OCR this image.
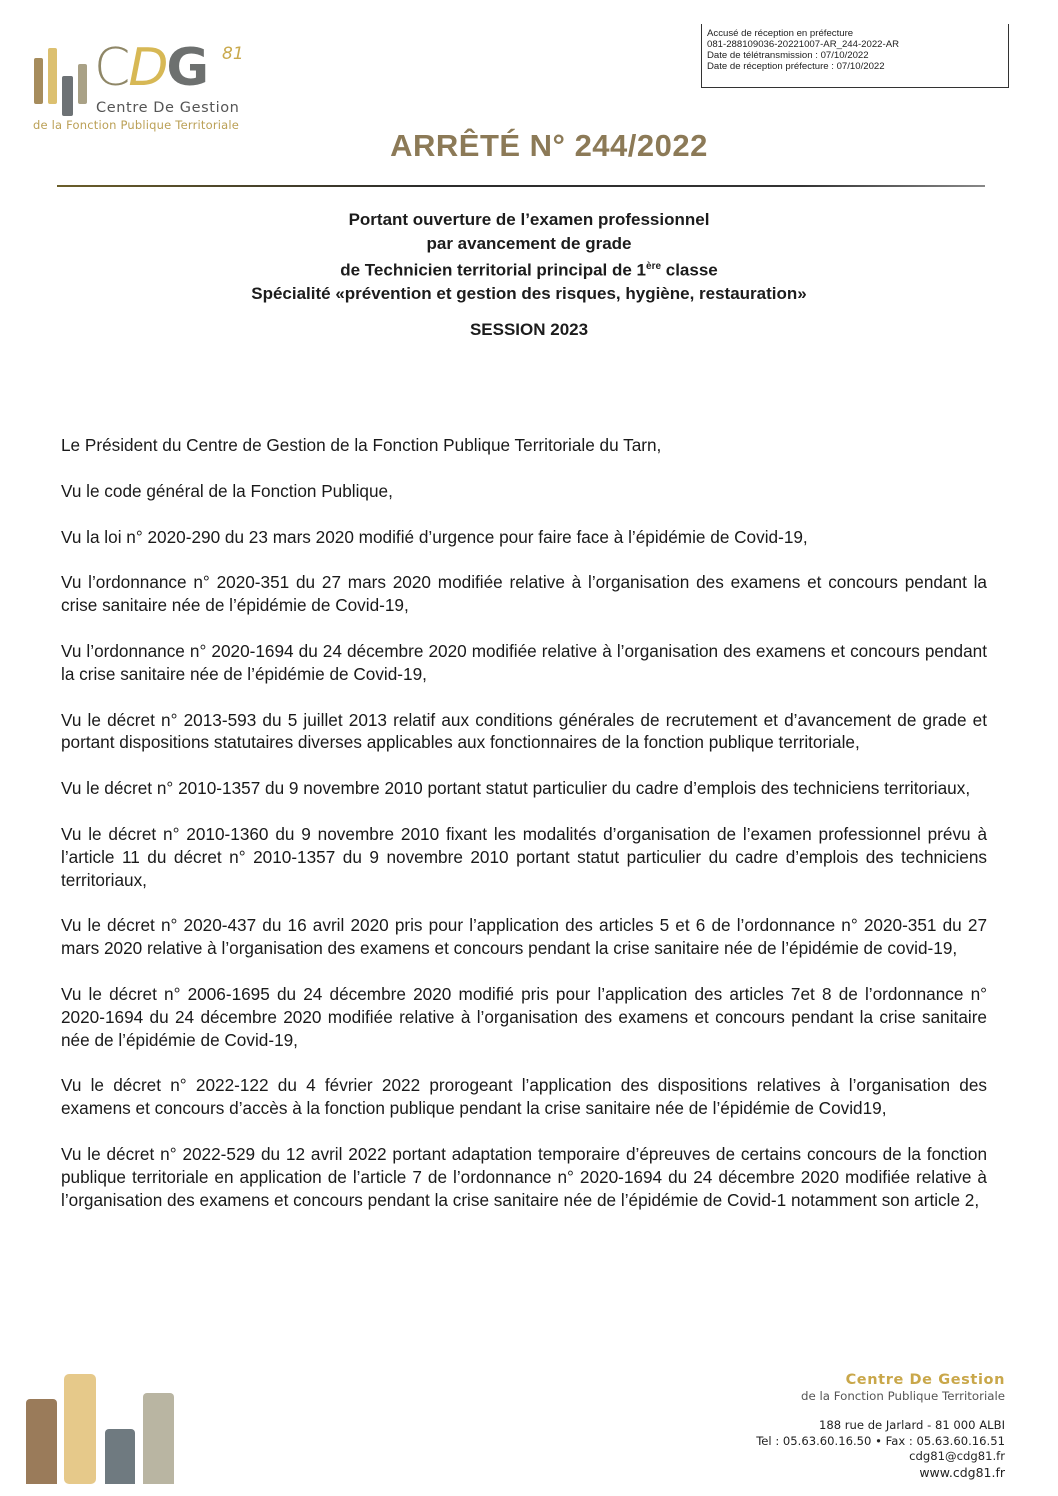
CDG 81
Centre De Gestion
de la Fonction Publique Territoriale
Accusé de réception en préfecture
081-288109036-20221007-AR_244-2022-AR
Date de télétransmission : 07/10/2022
Date de réception préfecture : 07/10/2022
ARRÊTÉ N° 244/2022
Portant ouverture de l’examen professionnel
par avancement de grade
de Technicien territorial principal de 1ère classe
Spécialité «prévention et gestion des risques, hygiène, restauration»
SESSION 2023

Le Président du Centre de Gestion de la Fonction Publique Territoriale du Tarn,

Vu le code général de la Fonction Publique,

Vu la loi n° 2020-290 du 23 mars 2020 modifié d’urgence pour faire face à l’épidémie de Covid-19,

Vu l’ordonnance n° 2020-351 du 27 mars 2020 modifiée relative à l’organisation des examens et concours pendant la crise sanitaire née de l’épidémie de Covid-19,

Vu l’ordonnance n° 2020-1694 du 24 décembre 2020 modifiée relative à l’organisation des examens et concours pendant la crise sanitaire née de l’épidémie de Covid-19,

Vu le décret n° 2013-593 du 5 juillet 2013 relatif aux conditions générales de recrutement et d’avancement de grade et portant dispositions statutaires diverses applicables aux fonctionnaires de la fonction publique territoriale,

Vu le décret n° 2010-1357 du 9 novembre 2010 portant statut particulier du cadre d’emplois des techniciens territoriaux,

Vu le décret n° 2010-1360 du 9 novembre 2010 fixant les modalités d’organisation de l’examen professionnel prévu à l’article 11 du décret n° 2010-1357 du 9 novembre 2010 portant statut particulier du cadre d’emplois des techniciens territoriaux,

Vu le décret n° 2020-437 du 16 avril 2020 pris pour l’application des articles 5 et 6 de l’ordonnance n° 2020-351 du 27 mars 2020 relative à l’organisation des examens et concours pendant la crise sanitaire née de l’épidémie de covid-19,

Vu le décret n° 2006-1695 du 24 décembre 2020 modifié pris pour l’application des articles 7et 8 de l’ordonnance n° 2020-1694 du 24 décembre 2020 modifiée relative à l’organisation des examens et concours pendant la crise sanitaire née de l’épidémie de Covid-19,

Vu le décret n° 2022-122 du 4 février 2022 prorogeant l’application des dispositions relatives à l’organisation des examens et concours d’accès à la fonction publique pendant la crise sanitaire née de l’épidémie de Covid19,

Vu le décret n° 2022-529 du 12 avril 2022 portant adaptation temporaire d’épreuves de certains concours de la fonction publique territoriale en application de l’article 7 de l’ordonnance n° 2020-1694 du 24 décembre 2020 modifiée relative à l’organisation des examens et concours pendant la crise sanitaire née de l’épidémie de Covid-1 notamment son article 2,

Centre De Gestion
de la Fonction Publique Territoriale
188 rue de Jarlard - 81 000 ALBI
Tel : 05.63.60.16.50 • Fax : 05.63.60.16.51
cdg81@cdg81.fr
www.cdg81.fr
